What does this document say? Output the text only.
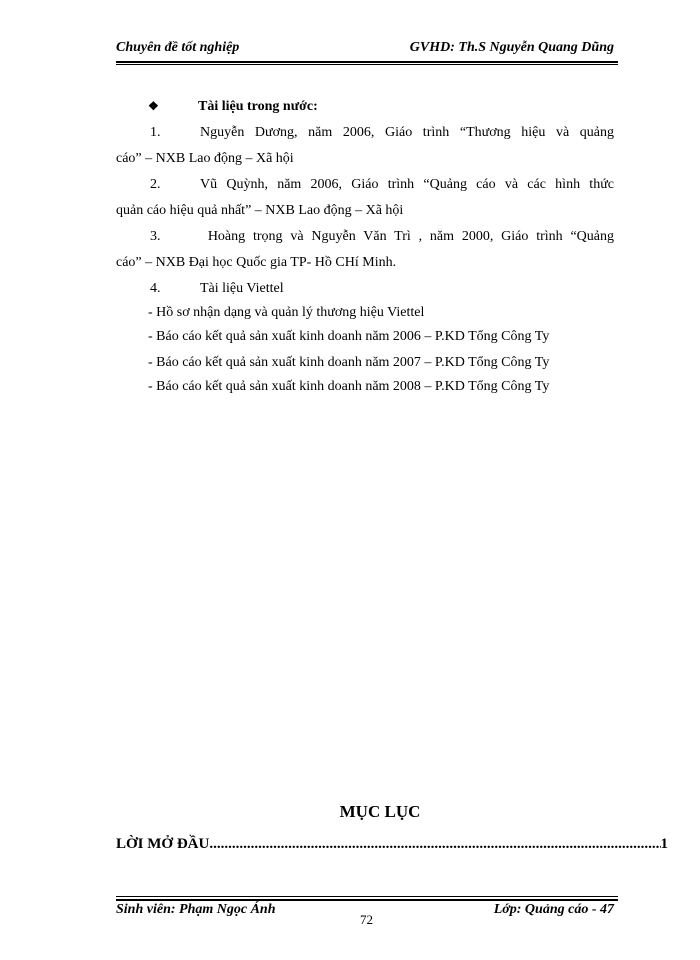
Chuyên đề tốt nghiệp	GVHD: Th.S Nguyễn Quang Dũng
❖	Tài liệu trong nước:
1.	Nguyễn Dương, năm 2006, Giáo trình “Thương hiệu và quảng
cáo” – NXB Lao động – Xã hội
2.	Vũ Quỳnh, năm 2006, Giáo trình “Quảng cáo và các hình thức
quản cáo hiệu quả nhất” – NXB Lao động – Xã hội
3.	Hoàng trọng và Nguyễn Văn Trì , năm 2000, Giáo trình “Quảng
cáo” – NXB Đại học Quốc gia TP- Hồ CHí Minh.
4.	Tài liệu Viettel
- Hồ sơ nhận dạng và quản lý thương hiệu Viettel
- Báo cáo kết quả sản xuất kinh doanh năm 2006 – P.KD Tổng Công Ty
- Báo cáo kết quả sản xuất kinh doanh năm 2007 – P.KD Tổng Công Ty
- Báo cáo kết quả sản xuất kinh doanh năm 2008 – P.KD Tổng Công Ty
MỤC LỤC
LỜI MỞ ĐẦU
.....	1
Sinh viên: Phạm Ngọc Ánh	Lớp: Quảng cáo - 47
72
